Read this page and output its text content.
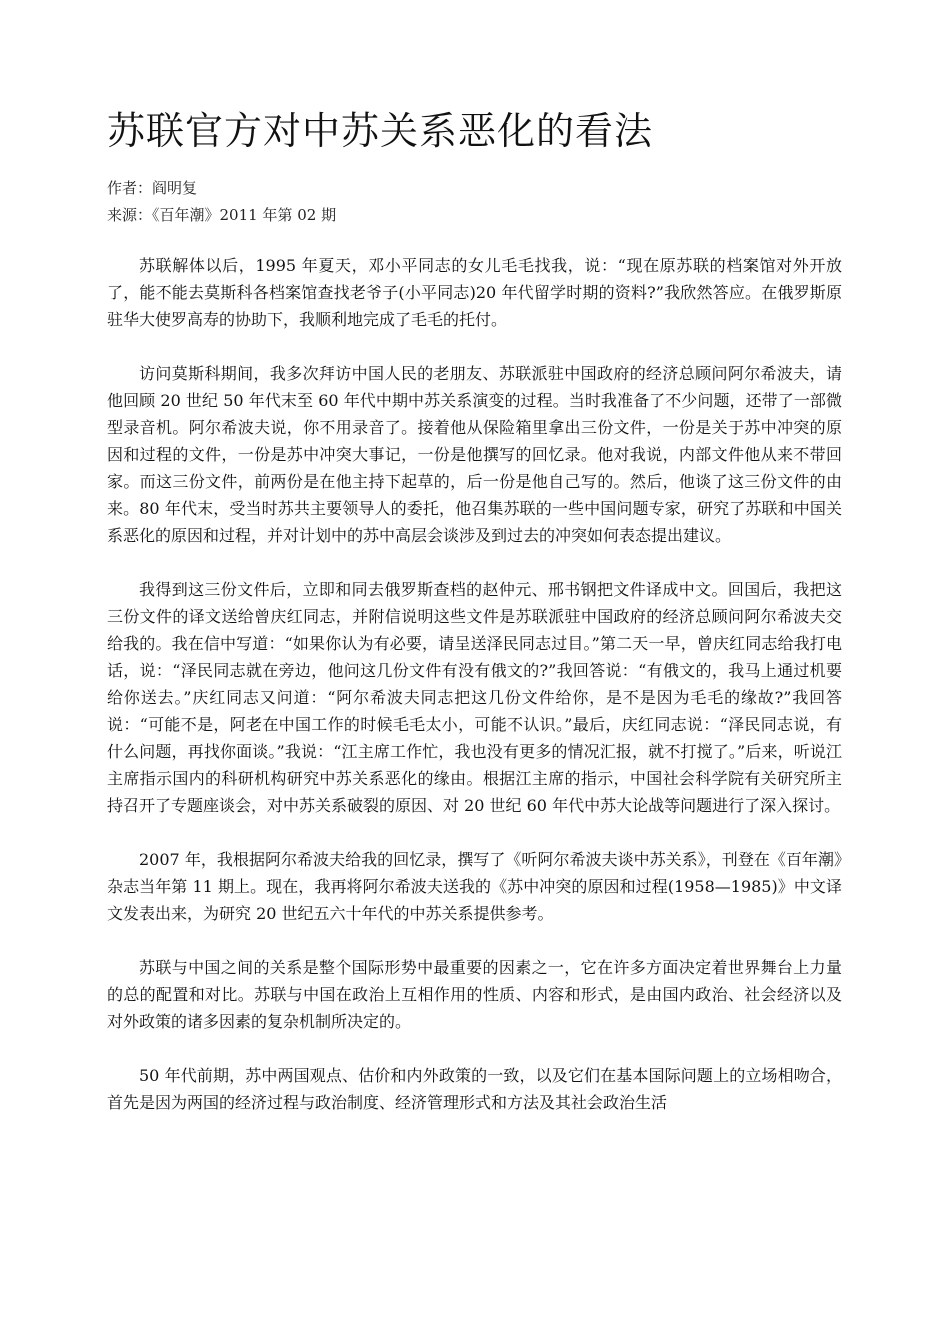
苏联官方对中苏关系恶化的看法
作者：阎明复
来源：《百年潮》2011 年第 02 期

苏联解体以后，1995 年夏天，邓小平同志的女儿毛毛找我，说：“现在原苏联的档案馆对外开放了，能不能去莫斯科各档案馆查找老爷子(小平同志)20 年代留学时期的资料?”我欣然答应。在俄罗斯原驻华大使罗高寿的协助下，我顺利地完成了毛毛的托付。

访问莫斯科期间，我多次拜访中国人民的老朋友、苏联派驻中国政府的经济总顾问阿尔希波夫，请他回顾 20 世纪 50 年代末至 60 年代中期中苏关系演变的过程。当时我准备了不少问题，还带了一部微型录音机。阿尔希波夫说，你不用录音了。接着他从保险箱里拿出三份文件，一份是关于苏中冲突的原因和过程的文件，一份是苏中冲突大事记，一份是他撰写的回忆录。他对我说，内部文件他从来不带回家。而这三份文件，前两份是在他主持下起草的，后一份是他自己写的。然后，他谈了这三份文件的由来。80 年代末，受当时苏共主要领导人的委托，他召集苏联的一些中国问题专家，研究了苏联和中国关系恶化的原因和过程，并对计划中的苏中高层会谈涉及到过去的冲突如何表态提出建议。

我得到这三份文件后，立即和同去俄罗斯查档的赵仲元、邢书钢把文件译成中文。回国后，我把这三份文件的译文送给曾庆红同志，并附信说明这些文件是苏联派驻中国政府的经济总顾问阿尔希波夫交给我的。我在信中写道：“如果你认为有必要，请呈送泽民同志过目。”第二天一早，曾庆红同志给我打电话，说：“泽民同志就在旁边，他问这几份文件有没有俄文的?”我回答说：“有俄文的，我马上通过机要给你送去。”庆红同志又问道：“阿尔希波夫同志把这几份文件给你，是不是因为毛毛的缘故?”我回答说：“可能不是，阿老在中国工作的时候毛毛太小，可能不认识。”最后，庆红同志说：“泽民同志说，有什么问题，再找你面谈。”我说：“江主席工作忙，我也没有更多的情况汇报，就不打搅了。”后来，听说江主席指示国内的科研机构研究中苏关系恶化的缘由。根据江主席的指示，中国社会科学院有关研究所主持召开了专题座谈会，对中苏关系破裂的原因、对 20 世纪 60 年代中苏大论战等问题进行了深入探讨。

2007 年，我根据阿尔希波夫给我的回忆录，撰写了《听阿尔希波夫谈中苏关系》，刊登在《百年潮》杂志当年第 11 期上。现在，我再将阿尔希波夫送我的《苏中冲突的原因和过程(1958—1985)》中文译文发表出来，为研究 20 世纪五六十年代的中苏关系提供参考。

苏联与中国之间的关系是整个国际形势中最重要的因素之一，它在许多方面决定着世界舞台上力量的总的配置和对比。苏联与中国在政治上互相作用的性质、内容和形式，是由国内政治、社会经济以及对外政策的诸多因素的复杂机制所决定的。

50 年代前期，苏中两国观点、估价和内外政策的一致，以及它们在基本国际问题上的立场相吻合，首先是因为两国的经济过程与政治制度、经济管理形式和方法及其社会政治生活
